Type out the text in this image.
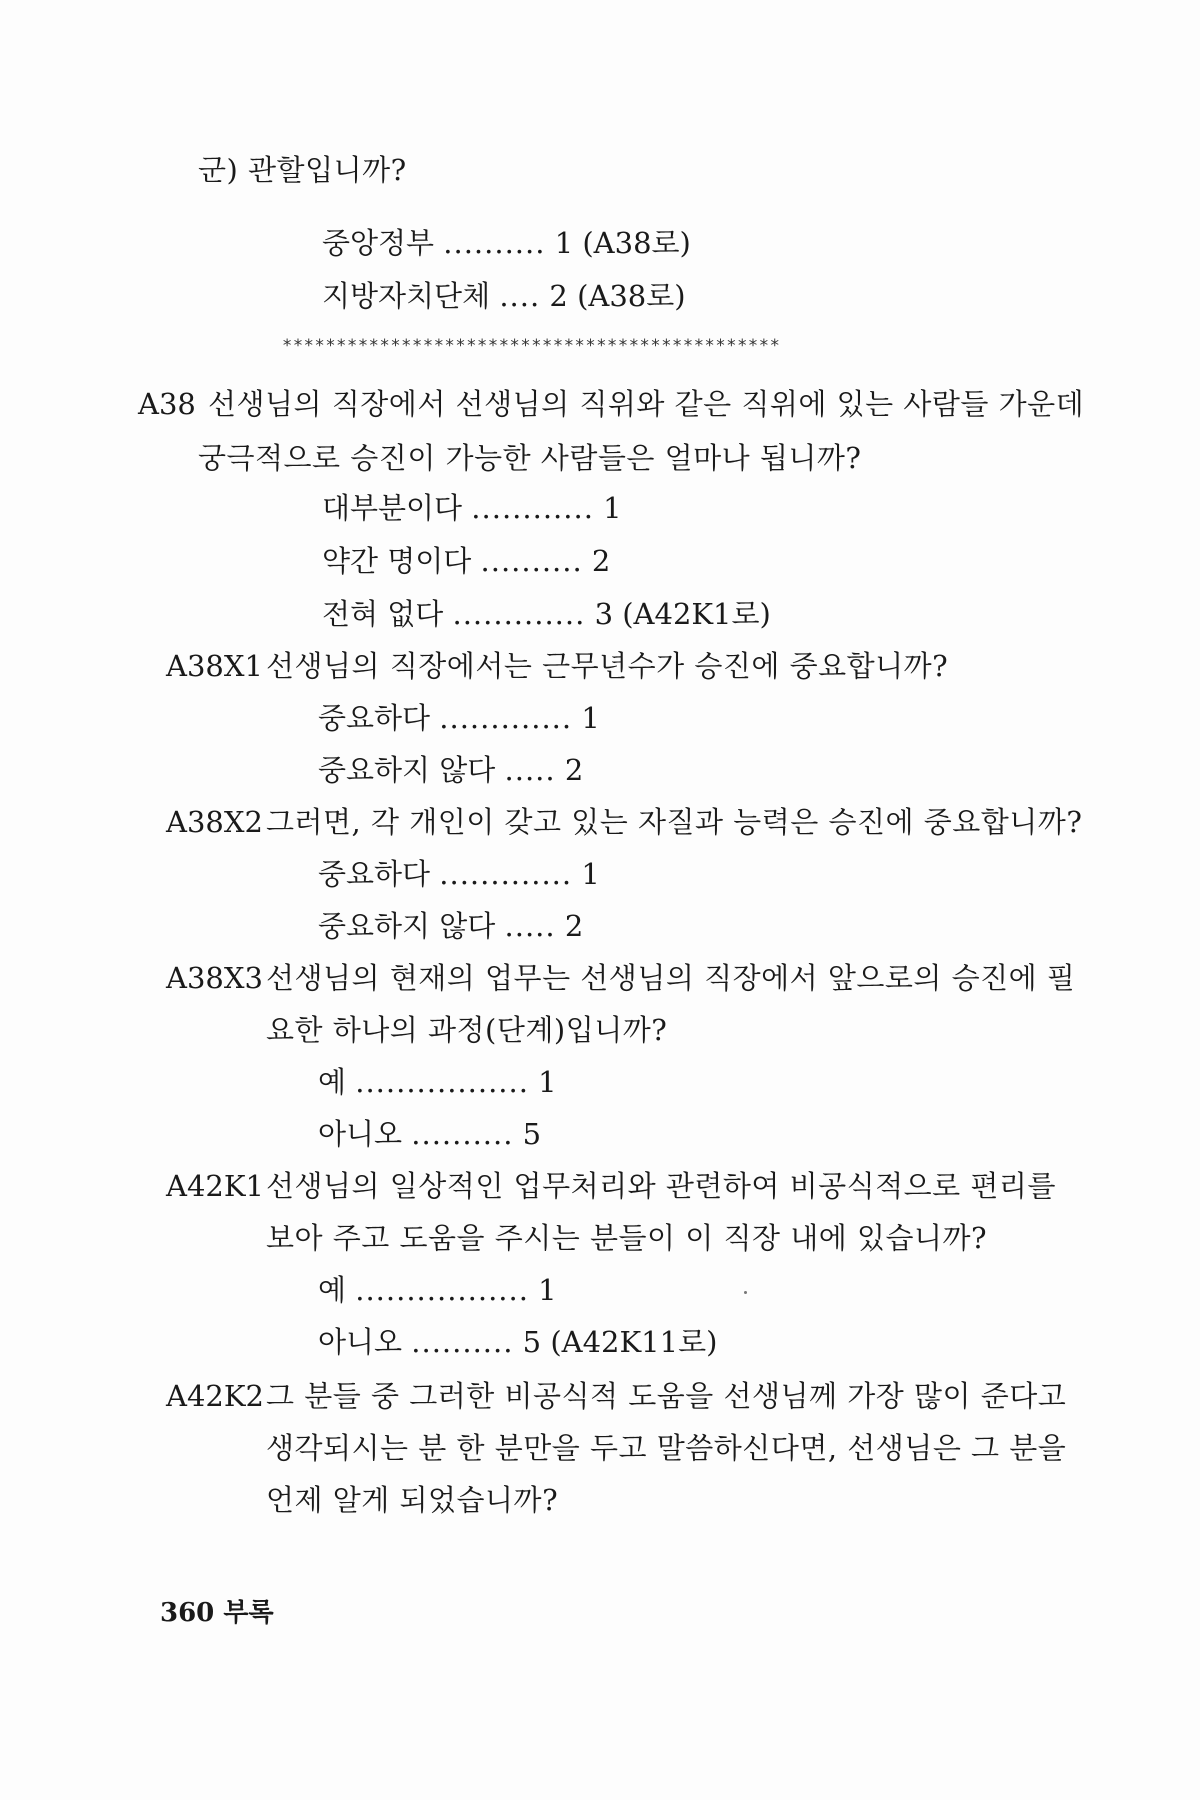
군) 관할입니까?
중앙정부 .......... 1 (A38로)
지방자치단체 .... 2 (A38로)
**********************************************
A38 선생님의 직장에서 선생님의 직위와 같은 직위에 있는 사람들 가운데
궁극적으로 승진이 가능한 사람들은 얼마나 됩니까?
대부분이다 ............ 1
약간 명이다 .......... 2
전혀 없다 ............. 3 (A42K1로)
A38X1 선생님의 직장에서는 근무년수가 승진에 중요합니까?
중요하다 ............. 1
중요하지 않다 ..... 2
A38X2 그러면, 각 개인이 갖고 있는 자질과 능력은 승진에 중요합니까?
중요하다 ............. 1
중요하지 않다 ..... 2
A38X3 선생님의 현재의 업무는 선생님의 직장에서 앞으로의 승진에 필
요한 하나의 과정(단계)입니까?
예 ................. 1
아니오 .......... 5
A42K1 선생님의 일상적인 업무처리와 관련하여 비공식적으로 편리를
보아 주고 도움을 주시는 분들이 이 직장 내에 있습니까?
예 ................. 1
아니오 .......... 5 (A42K11로)
A42K2 그 분들 중 그러한 비공식적 도움을 선생님께 가장 많이 준다고
생각되시는 분 한 분만을 두고 말씀하신다면, 선생님은 그 분을
언제 알게 되었습니까?
360 부록
